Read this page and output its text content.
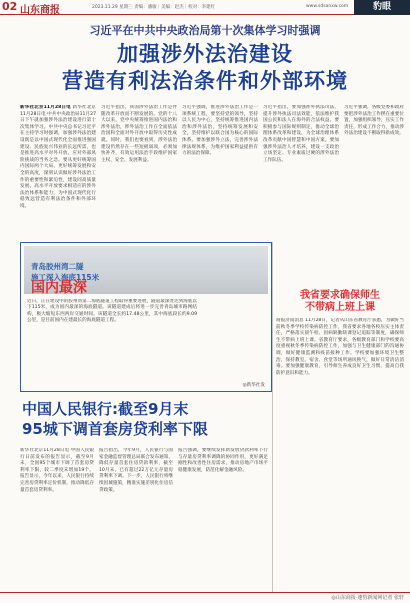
02 山东商报	2023.11.29 星期三 责编：潘敏｜美编：赵杰｜校对：李建红	www.sdsanxw.com	豹眼
习近平在中共中央政治局第十次集体学习时强调
加强涉外法治建设
营造有利法治条件和外部环境
新华社北京11月28日电 新华社北京11月28日电 中共中央政治局11月27日下午就加强涉外法治建设进行第十次集体学习。中共中央总书记习近平在主持学习时强调，加强涉外法治建设既是以中国式现代化全面推进强国建设、民族复兴伟业的长远所需，也是推进高水平对外开放、应对外部风险挑战的当务之急。要从更好统筹国内国际两个大局、更好统筹发展和安全的高度，深刻认识做好涉外法治工作的重要性和紧迫性，建设同高质量发展、高水平开放要求相适应的涉外法治体系和能力，为中国式现代化行稳致远营造有利法治条件和外部环境。
习近平指出，我国涉外法治工作是伴随改革开放而不断发展的。党的十八大以来，党中央统筹推进国内法治和涉外法治，涉外法治工作在全面依法治国和全面对外开放中取得历史性成就。同时，我们也要看到，涉外法治建设仍然存在一些短板弱项，必须加快补齐，有效运用法治手段维护国家主权、安全、发展利益。
习近平强调，推进涉外法治工作是一项系统工程，要坚持党的领导，坚持以人民为中心，坚持统筹推进国内法治和涉外法治，坚持统筹发展和安全，坚持维护以联合国为核心的国际体系。要加强涉外立法，完善涉外法律法规体系，为维护国家利益提供有力的法治保障。
习近平指出，要加强涉外执法司法，提升涉外执法司法效能，依法维护我国公民和法人在海外的合法权益。要积极参与国际规则制定，推动全球治理体系改革和建设，为全球治理体系改革贡献中国智慧和中国方案。要加强涉外法治人才培养，建设一支政治立场坚定、专业素质过硬的涉外法治工作队伍。
习近平强调，各级党委和政府要把涉外法治工作摆在重要位置，加强组织领导，压实工作责任，形成工作合力，推动涉外法治建设不断取得新成效。
青岛胶州湾二隧
施工深入海底115米
国内最深
近日，正在建设中的胶州湾第二海底隧道工程取得重要进展，隧道最深处达到海底以下115米，成为国内最深的海底隧道。该隧道建成后将进一步完善青岛城市路网结构，极大缩短东西两岸交通时间。该隧道全长约17.48公里，其中海底段长约9.09公里，是目前国内在建最长的海底隧道工程。
◎新华社发
我省要求确保师生
不带病上班上课
商报济南消息 11月28日，记者从山东省教育厅获悉，为做好当前秋冬季学校传染病防控工作，我省要求各地各校压实主体责任，严格落实晨午检、因病缺勤缺课登记追踪等制度，确保师生不带病上班上课。省教育厅要求，各级教育部门和学校要高度重视秋冬季传染病防控工作，加强与卫生健康部门的沟通协调，做好健康监测和疫苗接种工作。学校要加强环境卫生整治，保持教室、宿舍、食堂等场所通风换气，做好日常清洁消毒。要加强健康教育，引导师生养成良好卫生习惯，提高自我防护意识和能力。
中国人民银行:截至9月末
95城下调首套房贷利率下限
新华社北京11月28日电 中国人民银行日前发布的报告显示，截至9月末，全国95个城市下调了首套房贷利率下限，较二季度末增加19个。报告显示，今年以来，人民银行持续完善房贷利率定价机制，推动降低存量首套房贷利率。
报告指出，今年9月，人民银行与国家金融监督管理总局联合发布通知，降低存量首套住房贷款利率，截至10月末，已有超过22万亿元存量房贷利率下调。下一步，人民银行将继续因城施策，精准实施差别化住房信贷政策。
报告强调，要继续发挥新发放贷款利率下行与存量房贷利率调降的协同作用，更好满足刚性和改善性住房需求，推动房地产市场平稳健康发展，防范化解金融风险。
◎山东商报·速豹新闻网记者 张轩
